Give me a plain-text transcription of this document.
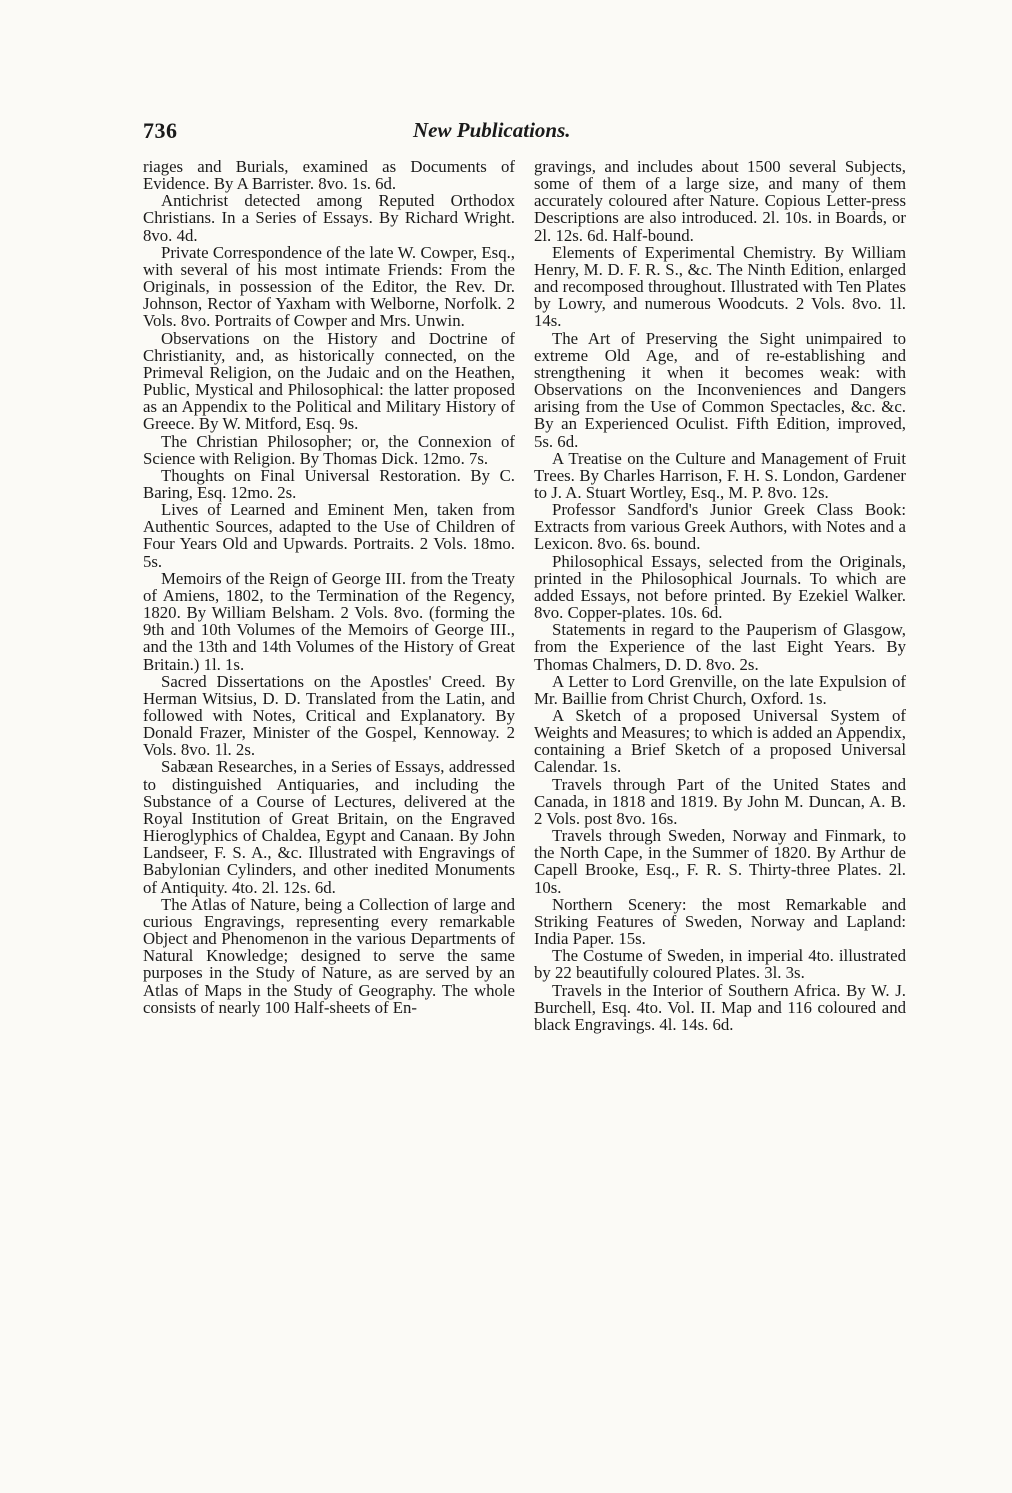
736	New Publications.

riages and Burials, examined as Documents of Evidence. By A Barrister. 8vo. 1s. 6d.

Antichrist detected among Reputed Orthodox Christians. In a Series of Essays. By Richard Wright. 8vo. 4d.

Private Correspondence of the late W. Cowper, Esq., with several of his most intimate Friends: From the Originals, in possession of the Editor, the Rev. Dr. Johnson, Rector of Yaxham with Welborne, Norfolk. 2 Vols. 8vo. Portraits of Cowper and Mrs. Unwin.

Observations on the History and Doctrine of Christianity, and, as historically connected, on the Primeval Religion, on the Judaic and on the Heathen, Public, Mystical and Philosophical: the latter proposed as an Appendix to the Political and Military History of Greece. By W. Mitford, Esq. 9s.

The Christian Philosopher; or, the Connexion of Science with Religion. By Thomas Dick. 12mo. 7s.

Thoughts on Final Universal Restoration. By C. Baring, Esq. 12mo. 2s.

Lives of Learned and Eminent Men, taken from Authentic Sources, adapted to the Use of Children of Four Years Old and Upwards. Portraits. 2 Vols. 18mo. 5s.

Memoirs of the Reign of George III. from the Treaty of Amiens, 1802, to the Termination of the Regency, 1820. By William Belsham. 2 Vols. 8vo. (forming the 9th and 10th Volumes of the Memoirs of George III., and the 13th and 14th Volumes of the History of Great Britain.) 1l. 1s.

Sacred Dissertations on the Apostles' Creed. By Herman Witsius, D. D. Translated from the Latin, and followed with Notes, Critical and Explanatory. By Donald Frazer, Minister of the Gospel, Kennoway. 2 Vols. 8vo. 1l. 2s.

Sabæan Researches, in a Series of Essays, addressed to distinguished Antiquaries, and including the Substance of a Course of Lectures, delivered at the Royal Institution of Great Britain, on the Engraved Hieroglyphics of Chaldea, Egypt and Canaan. By John Landseer, F. S. A., &c. Illustrated with Engravings of Babylonian Cylinders, and other inedited Monuments of Antiquity. 4to. 2l. 12s. 6d.

The Atlas of Nature, being a Collection of large and curious Engravings, representing every remarkable Object and Phenomenon in the various Departments of Natural Knowledge; designed to serve the same purposes in the Study of Nature, as are served by an Atlas of Maps in the Study of Geography. The whole consists of nearly 100 Half-sheets of En-

gravings, and includes about 1500 several Subjects, some of them of a large size, and many of them accurately coloured after Nature. Copious Letter-press Descriptions are also introduced. 2l. 10s. in Boards, or 2l. 12s. 6d. Half-bound.

Elements of Experimental Chemistry. By William Henry, M. D. F. R. S., &c. The Ninth Edition, enlarged and recomposed throughout. Illustrated with Ten Plates by Lowry, and numerous Woodcuts. 2 Vols. 8vo. 1l. 14s.

The Art of Preserving the Sight unimpaired to extreme Old Age, and of re-establishing and strengthening it when it becomes weak: with Observations on the Inconveniences and Dangers arising from the Use of Common Spectacles, &c. &c. By an Experienced Oculist. Fifth Edition, improved, 5s. 6d.

A Treatise on the Culture and Management of Fruit Trees. By Charles Harrison, F. H. S. London, Gardener to J. A. Stuart Wortley, Esq., M. P. 8vo. 12s.

Professor Sandford's Junior Greek Class Book: Extracts from various Greek Authors, with Notes and a Lexicon. 8vo. 6s. bound.

Philosophical Essays, selected from the Originals, printed in the Philosophical Journals. To which are added Essays, not before printed. By Ezekiel Walker. 8vo. Copper-plates. 10s. 6d.

Statements in regard to the Pauperism of Glasgow, from the Experience of the last Eight Years. By Thomas Chalmers, D. D. 8vo. 2s.

A Letter to Lord Grenville, on the late Expulsion of Mr. Baillie from Christ Church, Oxford. 1s.

A Sketch of a proposed Universal System of Weights and Measures; to which is added an Appendix, containing a Brief Sketch of a proposed Universal Calendar. 1s.

Travels through Part of the United States and Canada, in 1818 and 1819. By John M. Duncan, A. B. 2 Vols. post 8vo. 16s.

Travels through Sweden, Norway and Finmark, to the North Cape, in the Summer of 1820. By Arthur de Capell Brooke, Esq., F. R. S. Thirty-three Plates. 2l. 10s.

Northern Scenery: the most Remarkable and Striking Features of Sweden, Norway and Lapland: India Paper. 15s.

The Costume of Sweden, in imperial 4to. illustrated by 22 beautifully coloured Plates. 3l. 3s.

Travels in the Interior of Southern Africa. By W. J. Burchell, Esq. 4to. Vol. II. Map and 116 coloured and black Engravings. 4l. 14s. 6d.
